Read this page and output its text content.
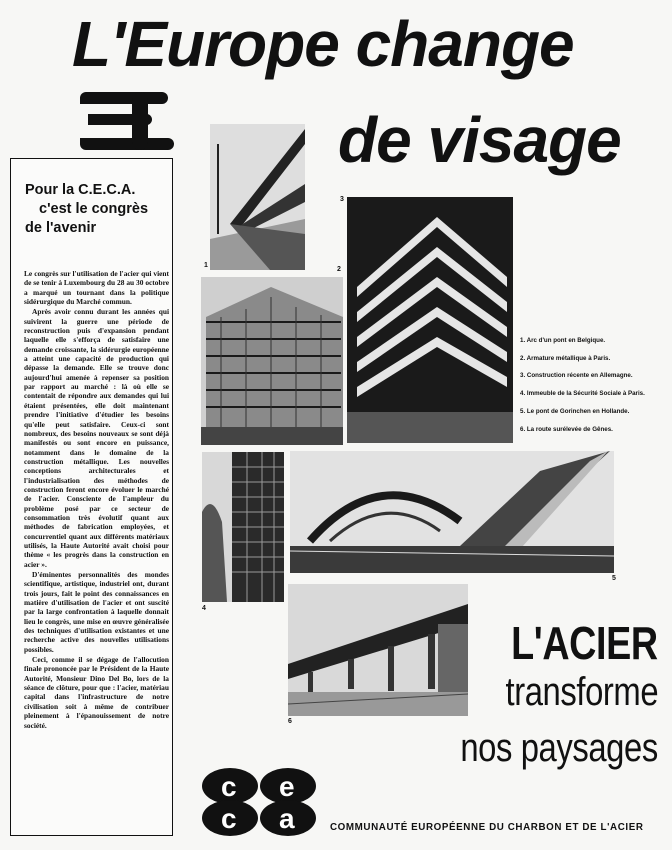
L'Europe change
de visage
Pour la C.E.C.A.
c'est le congrès
de l'avenir

Le congrès sur l'utilisation de l'acier qui vient de se tenir à Luxembourg du 28 au 30 octobre a marqué un tournant dans la politique sidérurgique du Marché commun.

Après avoir connu durant les années qui suivirent la guerre une période de reconstruction puis d'expansion pendant laquelle elle s'efforça de satisfaire une demande croissante, la sidérurgie européenne a atteint une capacité de production qui dépasse la demande. Elle se trouve donc aujourd'hui amenée à repenser sa position par rapport au marché : là où elle se contentait de répondre aux demandes qui lui étaient présentées, elle doit maintenant prendre l'initiative d'étudier les besoins qu'elle peut satisfaire. Ceux-ci sont nombreux, des besoins nouveaux se sont déjà manifestés ou sont encore en puissance, notamment dans le domaine de la construction métallique. Les nouvelles conceptions architecturales et l'industrialisation des méthodes de construction feront encore évoluer le marché de l'acier. Consciente de l'ampleur du problème posé par ce secteur de consommation très évolutif quant aux méthodes de fabrication employées, et concurrentiel quant aux différents matériaux utilisés, la Haute Autorité avait choisi pour thème « les progrès dans la construction en acier ».

D'éminentes personnalités des mondes scientifique, artistique, industriel ont, durant trois jours, fait le point des connaissances en matière d'utilisation de l'acier et ont suscité par la large confrontation à laquelle donnait lieu le congrès, une mise en œuvre généralisée des techniques d'utilisation existantes et une recherche active des nouvelles utilisations possibles.

Ceci, comme il se dégage de l'allocution finale prononcée par le Président de la Haute Autorité, Monsieur Dino Del Bo, lors de la séance de clôture, pour que : l'acier, matériau capital dans l'infrastructure de notre civilisation soit à même de contribuer pleinement à l'épanouissement de notre société.

1
2
3
1. Arc d'un pont en Belgique.
2. Armature métallique à Paris.
3. Construction récente en Allemagne.
4. Immeuble de la Sécurité Sociale à Paris.
5. Le pont de Gorinchen en Hollande.
6. La route surélevée de Gênes.
4
5
6
L'ACIER
transforme
nos paysages
c e
c a	COMMUNAUTÉ EUROPÉENNE DU CHARBON ET DE L'ACIER
